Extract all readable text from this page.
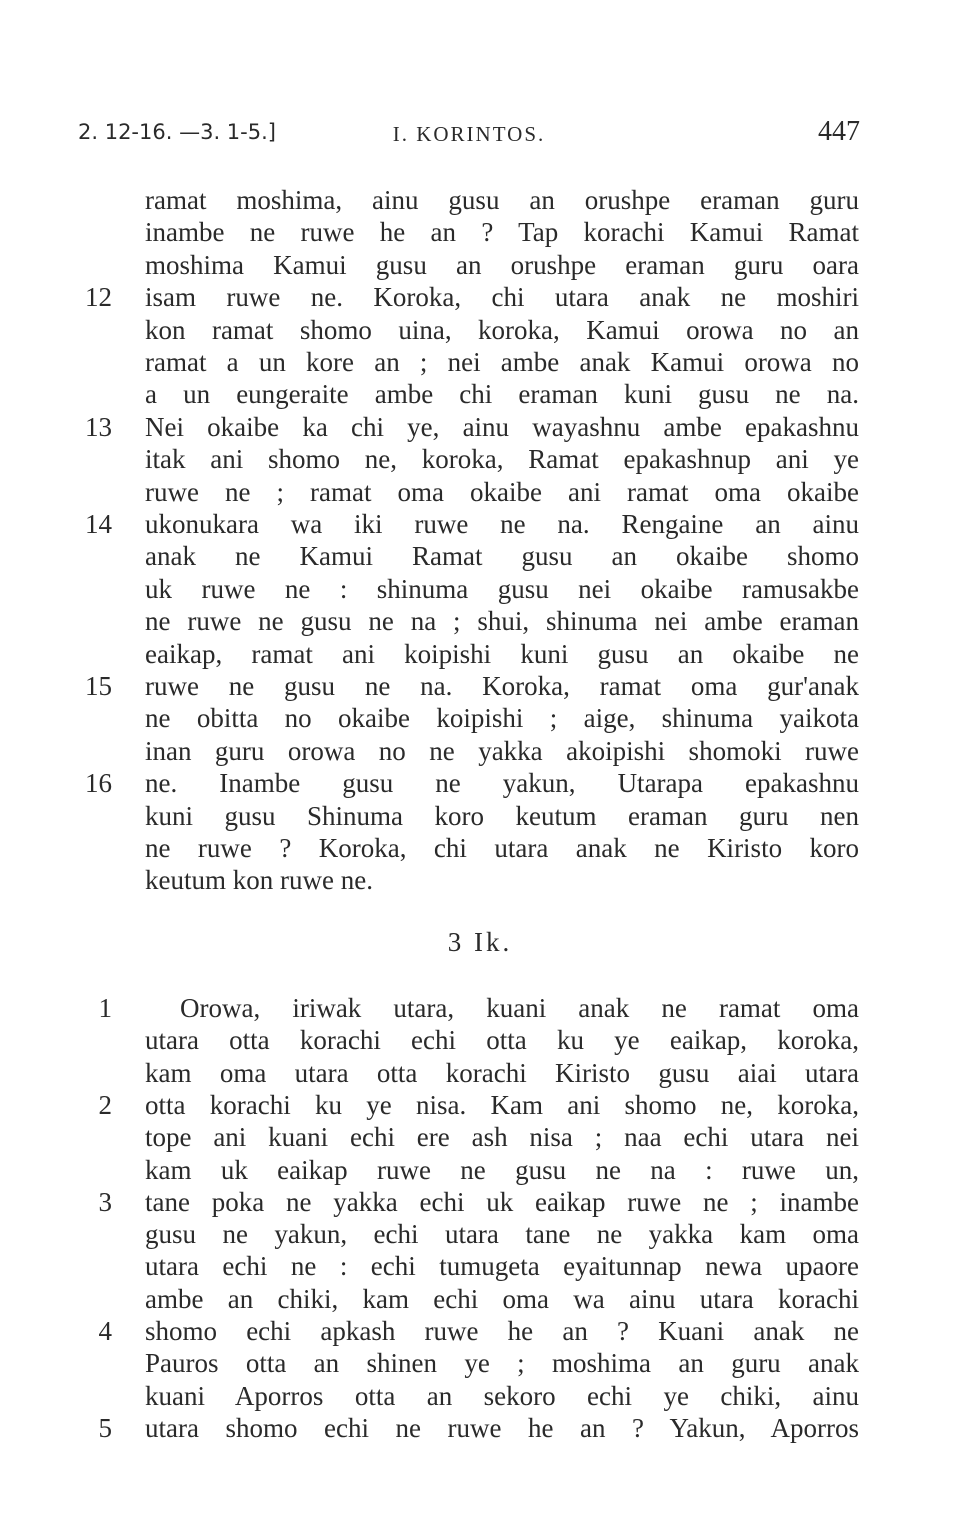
2. 12-16. —3. 1-5.]	I. KORINTOS.	447
ramat moshima, ainu gusu an orushpe eraman guru
inambe ne ruwe he an ? Tap korachi Kamui Ramat
moshima Kamui gusu an orushpe eraman guru oara
isam ruwe ne. Koroka, chi utara anak ne moshiri
kon ramat shomo uina, koroka, Kamui orowa no an
ramat a un kore an ; nei ambe anak Kamui orowa no
a un eungeraite ambe chi eraman kuni gusu ne na.
Nei okaibe ka chi ye, ainu wayashnu ambe epakashnu
itak ani shomo ne, koroka, Ramat epakashnup ani ye
ruwe ne ; ramat oma okaibe ani ramat oma okaibe
ukonukara wa iki ruwe ne na. Rengaine an ainu
anak ne Kamui Ramat gusu an okaibe shomo
uk ruwe ne : shinuma gusu nei okaibe ramusakbe
ne ruwe ne gusu ne na ; shui, shinuma nei ambe eraman
eaikap, ramat ani koipishi kuni gusu an okaibe ne
ruwe ne gusu ne na. Koroka, ramat oma gur'anak
ne obitta no okaibe koipishi ; aige, shinuma yaikota
inan guru orowa no ne yakka akoipishi shomoki ruwe
ne. Inambe gusu ne yakun, Utarapa epakashnu
kuni gusu Shinuma koro keutum eraman guru nen
ne ruwe ? Koroka, chi utara anak ne Kiristo koro
keutum kon ruwe ne.
12
13
14
15
16
3 Ik.
Orowa, iriwak utara, kuani anak ne ramat oma
utara otta korachi echi otta ku ye eaikap, koroka,
kam oma utara otta korachi Kiristo gusu aiai utara
otta korachi ku ye nisa. Kam ani shomo ne, koroka,
tope ani kuani echi ere ash nisa ; naa echi utara nei
kam uk eaikap ruwe ne gusu ne na : ruwe un,
tane poka ne yakka echi uk eaikap ruwe ne ; inambe
gusu ne yakun, echi utara tane ne yakka kam oma
utara echi ne : echi tumugeta eyaitunnap newa upaore
ambe an chiki, kam echi oma wa ainu utara korachi
shomo echi apkash ruwe he an ? Kuani anak ne
Pauros otta an shinen ye ; moshima an guru anak
kuani Aporros otta an sekoro echi ye chiki, ainu
utara shomo echi ne ruwe he an ? Yakun, Aporros
1
2
3
4
5
